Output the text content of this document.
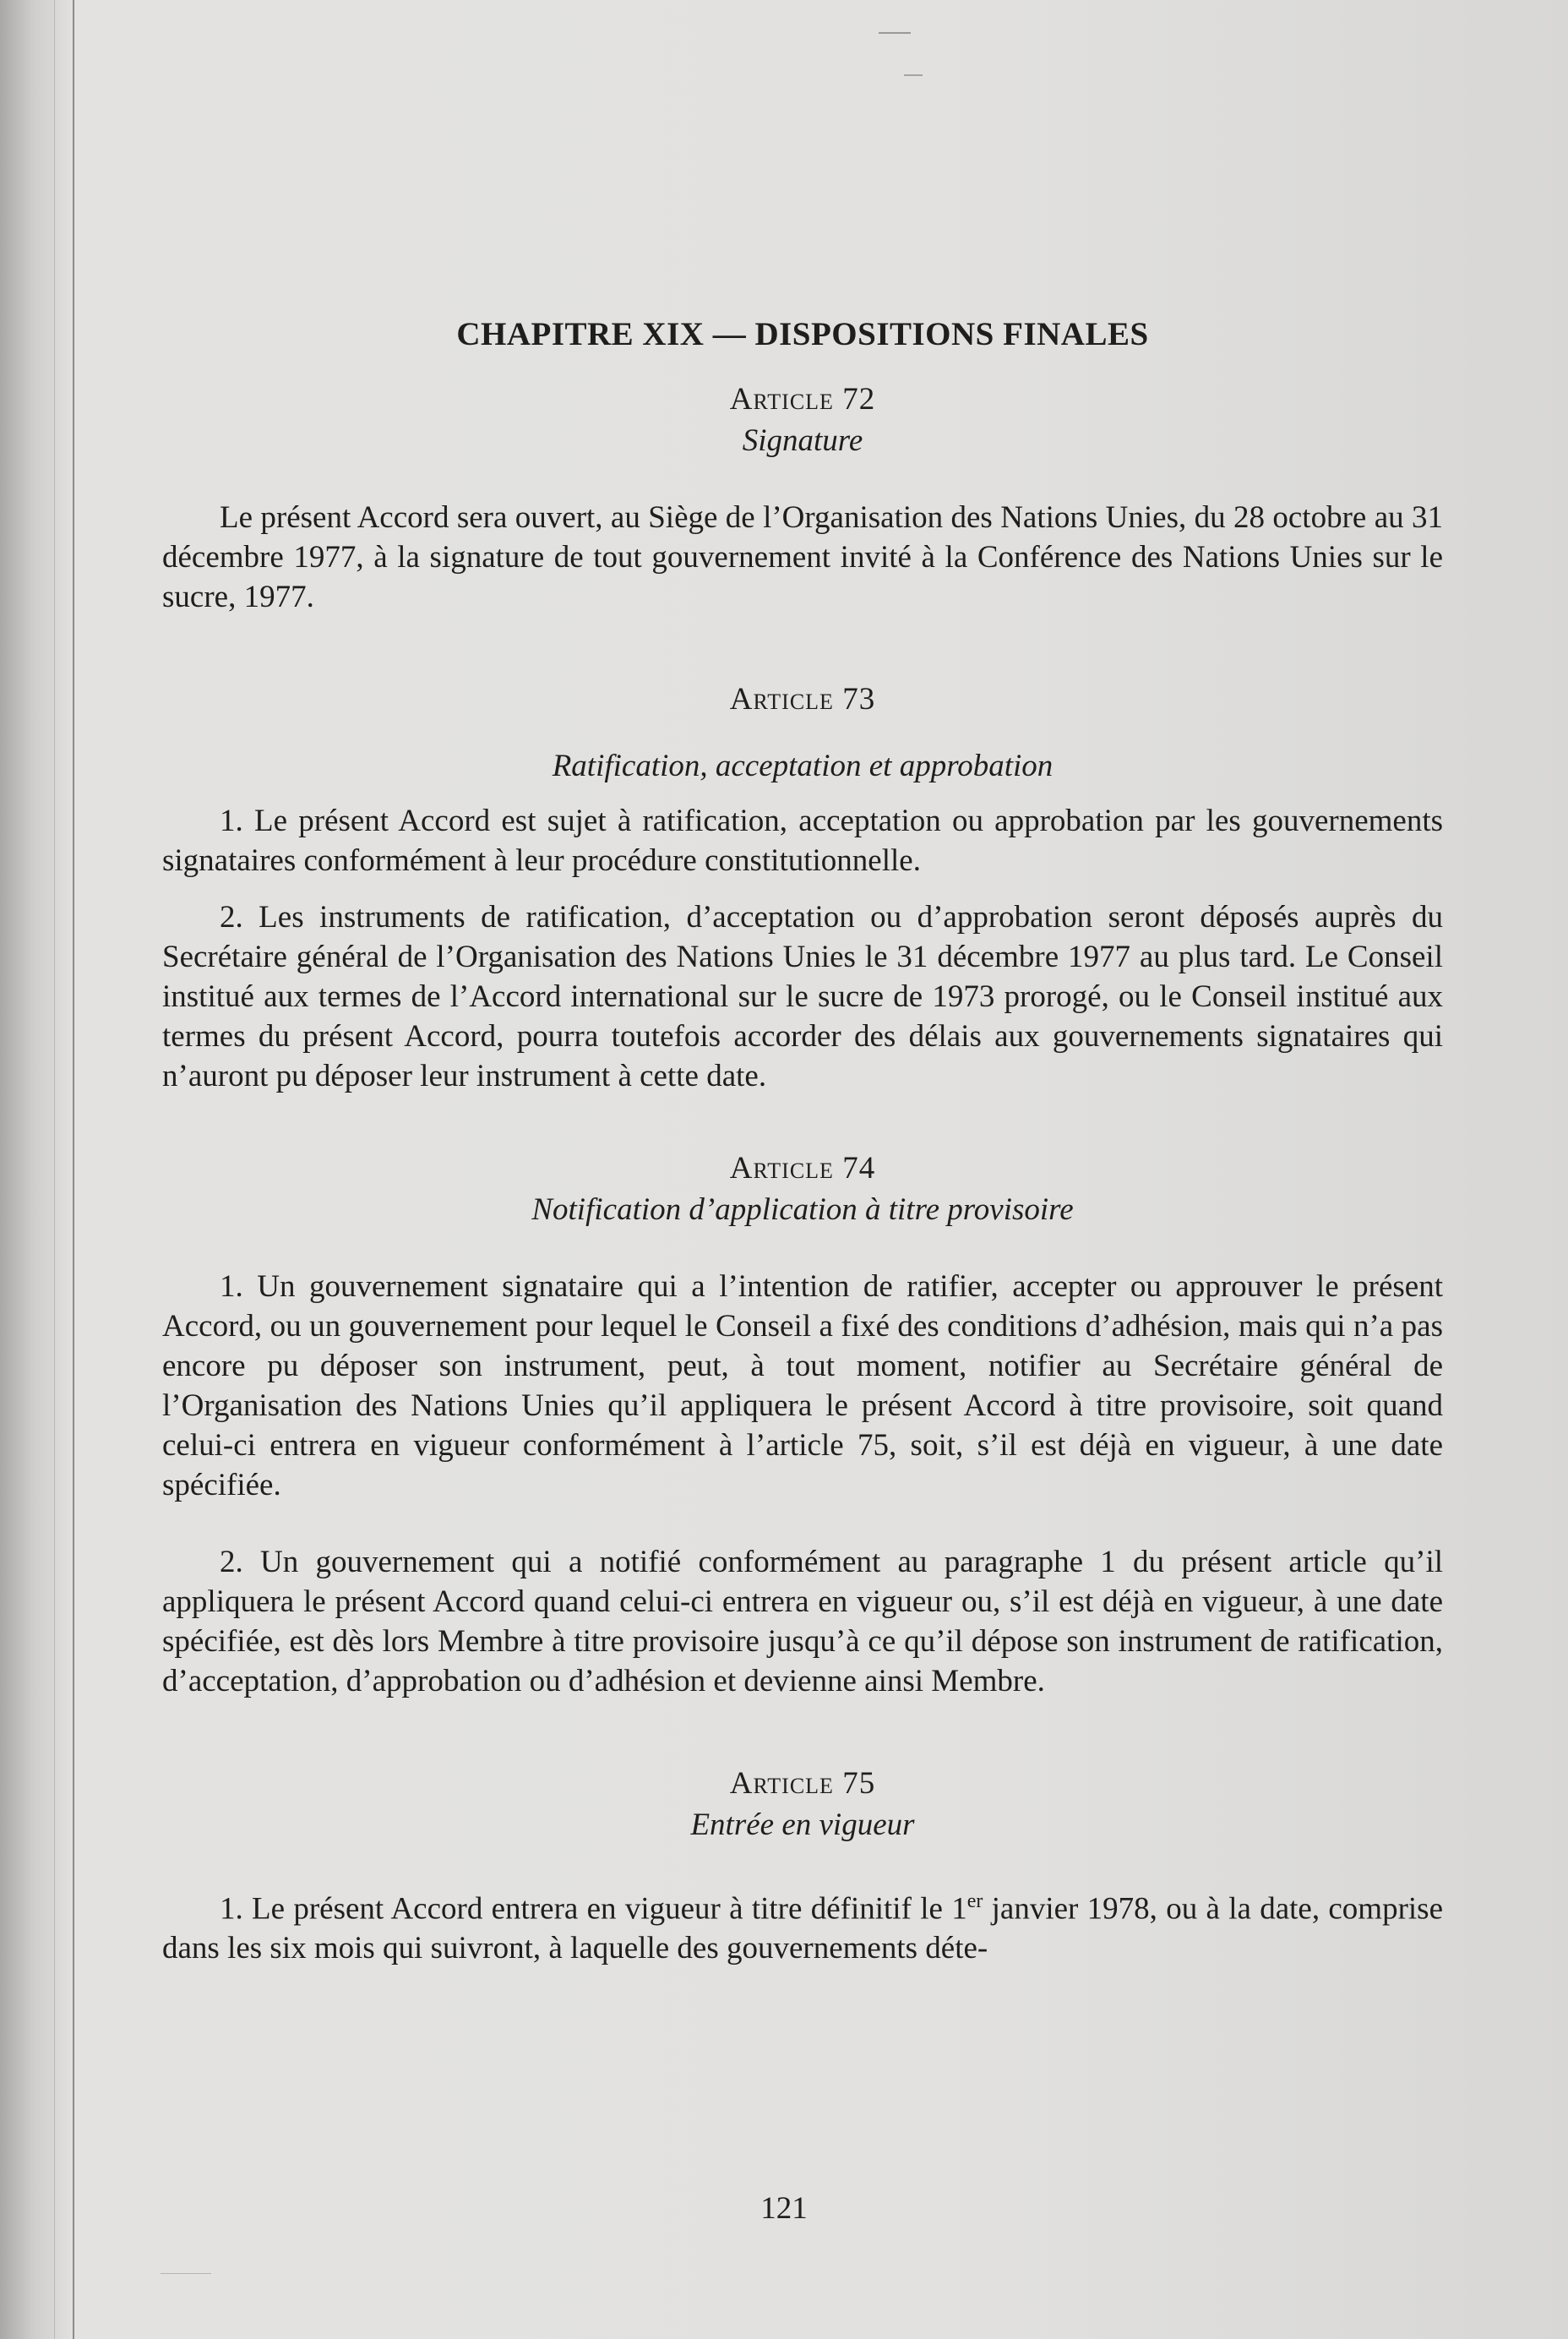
CHAPITRE XIX — DISPOSITIONS FINALES
Article 72
Signature

Le présent Accord sera ouvert, au Siège de l’Organisation des Nations Unies, du 28 octobre au 31 décembre 1977, à la signature de tout gouvernement invité à la Conférence des Nations Unies sur le sucre, 1977.

Article 73
Ratification, acceptation et approbation

1. Le présent Accord est sujet à ratification, acceptation ou approbation par les gouvernements signataires conformément à leur procédure constitutionnelle.

2. Les instruments de ratification, d’acceptation ou d’approbation seront déposés auprès du Secrétaire général de l’Organisation des Nations Unies le 31 décembre 1977 au plus tard. Le Conseil institué aux termes de l’Accord international sur le sucre de 1973 prorogé, ou le Conseil institué aux termes du présent Accord, pourra toutefois accorder des délais aux gouvernements signataires qui n’auront pu déposer leur instrument à cette date.

Article 74
Notification d’application à titre provisoire

1. Un gouvernement signataire qui a l’intention de ratifier, accepter ou approuver le présent Accord, ou un gouvernement pour lequel le Conseil a fixé des conditions d’adhésion, mais qui n’a pas encore pu déposer son instrument, peut, à tout moment, notifier au Secrétaire général de l’Organisation des Nations Unies qu’il appliquera le présent Accord à titre provisoire, soit quand celui-ci entrera en vigueur conformément à l’article 75, soit, s’il est déjà en vigueur, à une date spécifiée.

2. Un gouvernement qui a notifié conformément au paragraphe 1 du présent article qu’il appliquera le présent Accord quand celui-ci entrera en vigueur ou, s’il est déjà en vigueur, à une date spécifiée, est dès lors Membre à titre provisoire jusqu’à ce qu’il dépose son instrument de ratification, d’acceptation, d’approbation ou d’adhésion et devienne ainsi Membre.

Article 75
Entrée en vigueur

1. Le présent Accord entrera en vigueur à titre définitif le 1er janvier 1978, ou à la date, comprise dans les six mois qui suivront, à laquelle des gouvernements déte-

121
